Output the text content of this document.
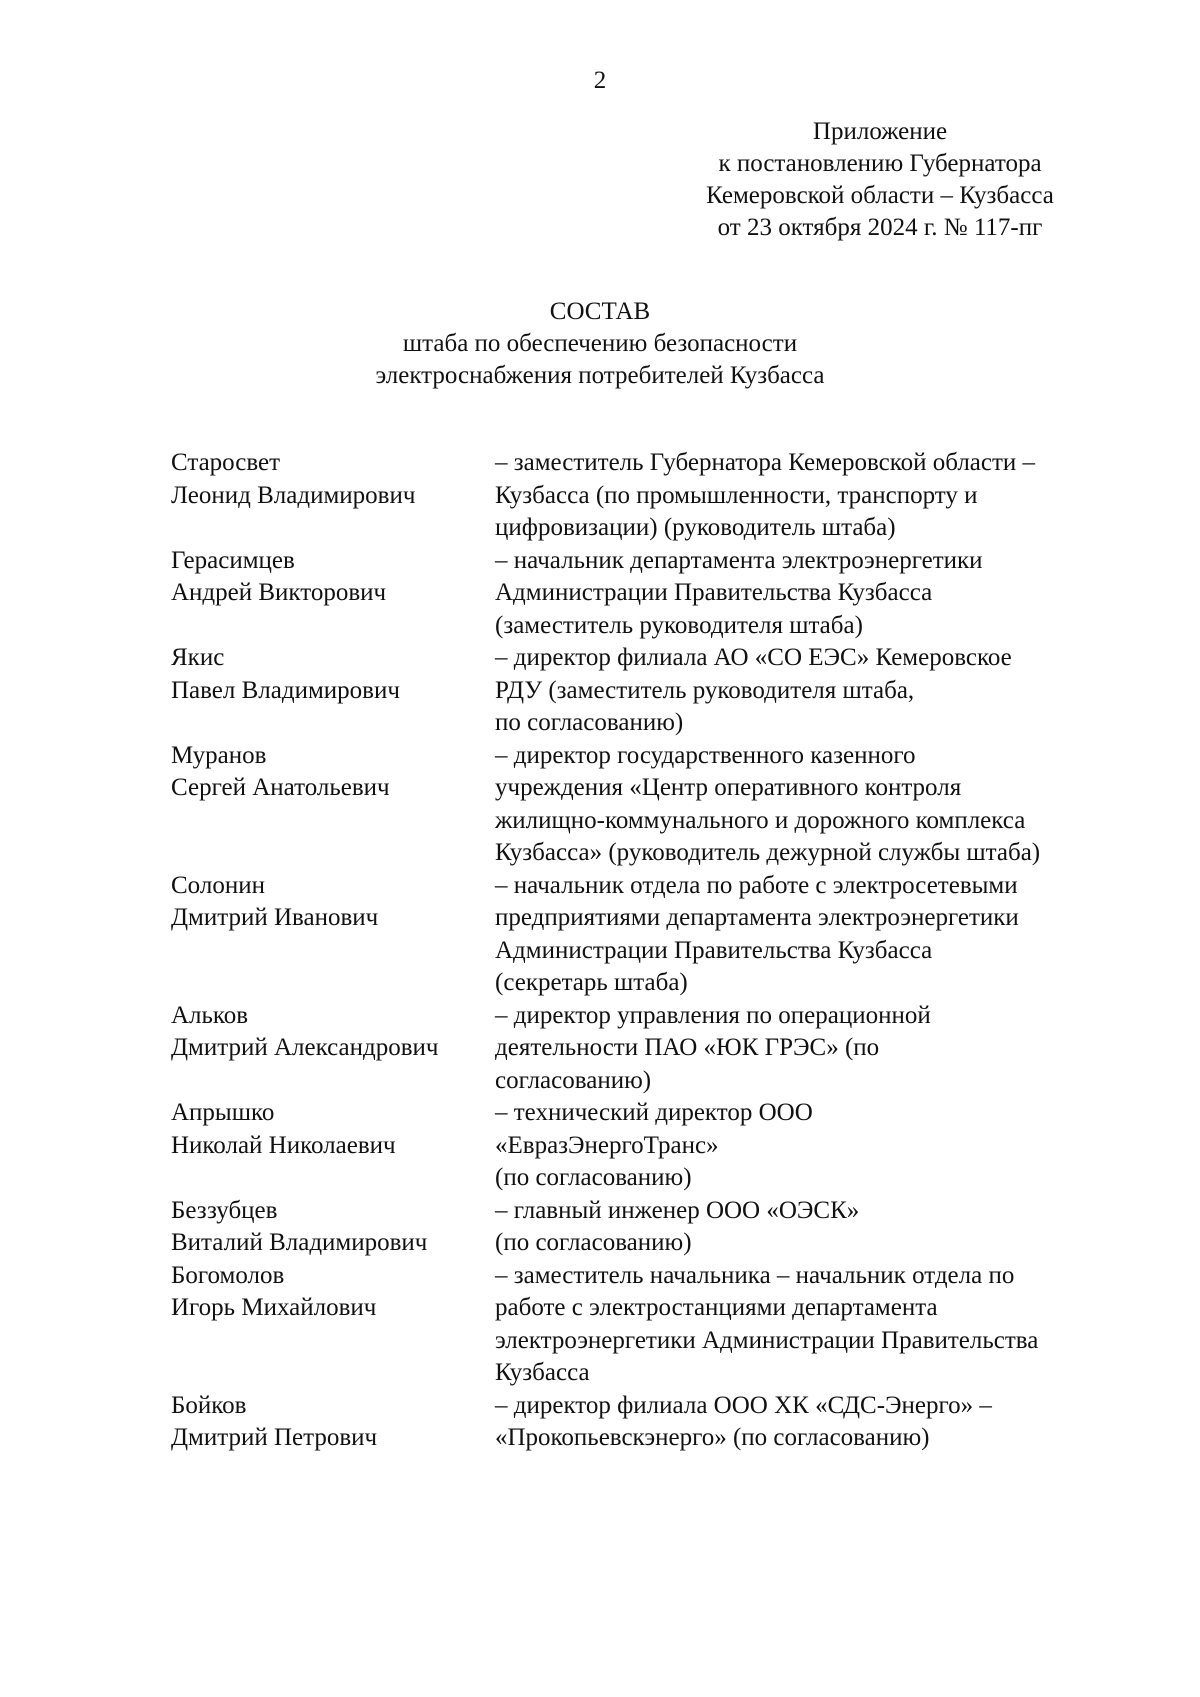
2
Приложение
к постановлению Губернатора
Кемеровской области – Кузбасса
от 23 октября 2024 г. № 117-пг
СОСТАВ
штаба по обеспечению безопасности
электроснабжения потребителей Кузбасса
Старосвет
Леонид Владимирович
– заместитель Губернатора Кемеровской области –
Кузбасса (по промышленности, транспорту и
цифровизации) (руководитель штаба)
Герасимцев
Андрей Викторович
– начальник департамента электроэнергетики
Администрации Правительства Кузбасса
(заместитель руководителя штаба)
Якис
Павел Владимирович
– директор филиала АО «СО ЕЭС» Кемеровское
РДУ (заместитель руководителя штаба,
по согласованию)
Муранов
Сергей Анатольевич
– директор государственного казенного
учреждения «Центр оперативного контроля
жилищно-коммунального и дорожного комплекса
Кузбасса» (руководитель дежурной службы штаба)
Солонин
Дмитрий Иванович
– начальник отдела по работе с электросетевыми
предприятиями департамента электроэнергетики
Администрации Правительства Кузбасса
(секретарь штаба)
Альков
Дмитрий Александрович
– директор управления по операционной
деятельности ПАО «ЮК ГРЭС» (по
согласованию)
Апрышко
Николай Николаевич
– технический директор ООО
«ЕвразЭнергоТранс»
(по согласованию)
Беззубцев
Виталий Владимирович
– главный инженер ООО «ОЭСК»
(по согласованию)
Богомолов
Игорь Михайлович
– заместитель начальника – начальник отдела по
работе с электростанциями департамента
электроэнергетики Администрации Правительства
Кузбасса
Бойков
Дмитрий Петрович
– директор филиала ООО ХК «СДС-Энерго» –
«Прокопьевскэнерго» (по согласованию)
